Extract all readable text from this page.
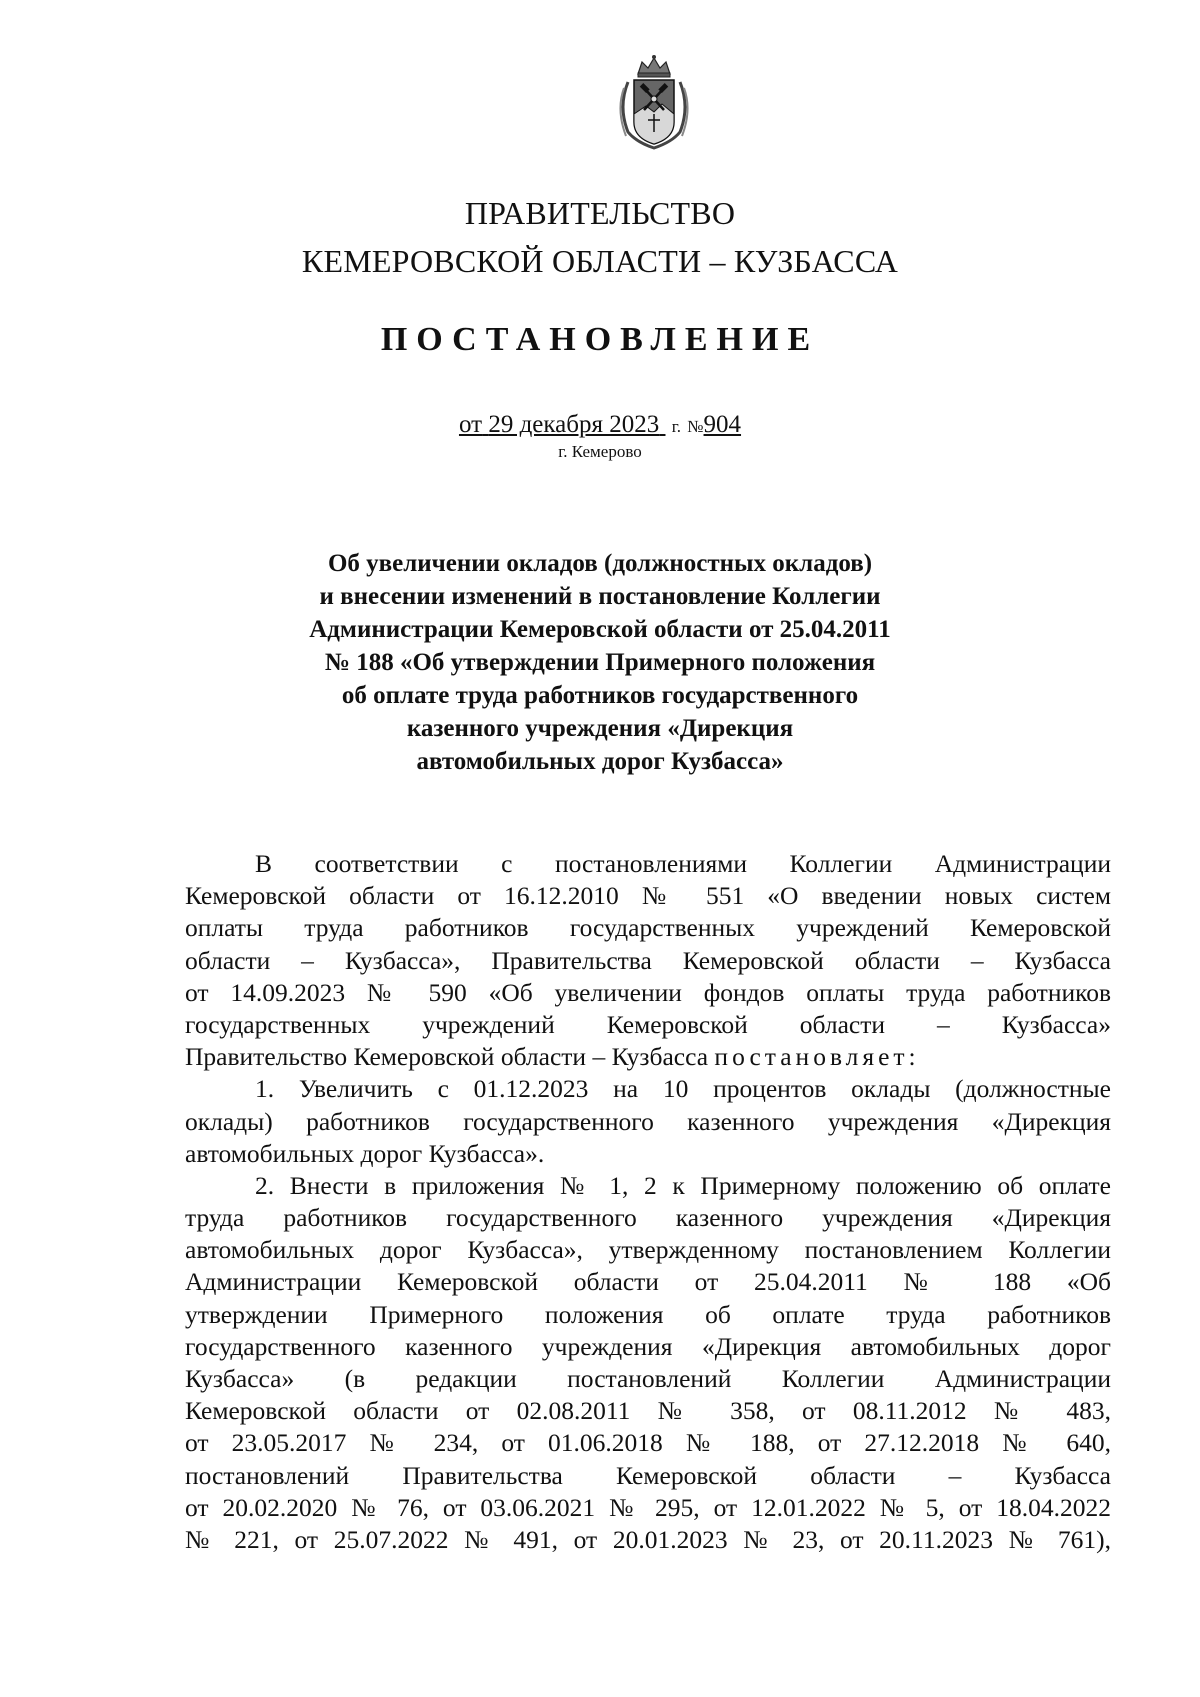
ПРАВИТЕЛЬСТВО
КЕМЕРОВСКОЙ ОБЛАСТИ – КУЗБАССА
ПОСТАНОВЛЕНИЕ
от 29 декабря 2023 г. №904
г. Кемерово
Об увеличении окладов (должностных окладов)
и внесении изменений в постановление Коллегии
Администрации Кемеровской области от 25.04.2011
№ 188 «Об утверждении Примерного положения
об оплате труда работников государственного
казенного учреждения «Дирекция
автомобильных дорог Кузбасса»
В соответствии с постановлениями Коллегии Администрации
Кемеровской области от 16.12.2010 № 551 «О введении новых систем
оплаты труда работников государственных учреждений Кемеровской
области – Кузбасса», Правительства Кемеровской области – Кузбасса
от 14.09.2023 № 590 «Об увеличении фондов оплаты труда работников
государственных учреждений Кемеровской области – Кузбасса»
Правительство Кемеровской области – Кузбасса постановляет:
1. Увеличить с 01.12.2023 на 10 процентов оклады (должностные
оклады) работников государственного казенного учреждения «Дирекция
автомобильных дорог Кузбасса».
2. Внести в приложения № 1, 2 к Примерному положению об оплате
труда работников государственного казенного учреждения «Дирекция
автомобильных дорог Кузбасса», утвержденному постановлением Коллегии
Администрации Кемеровской области от 25.04.2011 № 188 «Об
утверждении Примерного положения об оплате труда работников
государственного казенного учреждения «Дирекция автомобильных дорог
Кузбасса» (в редакции постановлений Коллегии Администрации
Кемеровской области от 02.08.2011 № 358, от 08.11.2012 № 483,
от 23.05.2017 № 234, от 01.06.2018 № 188, от 27.12.2018 № 640,
постановлений Правительства Кемеровской области – Кузбасса
от 20.02.2020 № 76, от 03.06.2021 № 295, от 12.01.2022 № 5, от 18.04.2022
№ 221, от 25.07.2022 № 491, от 20.01.2023 № 23, от 20.11.2023 № 761),
